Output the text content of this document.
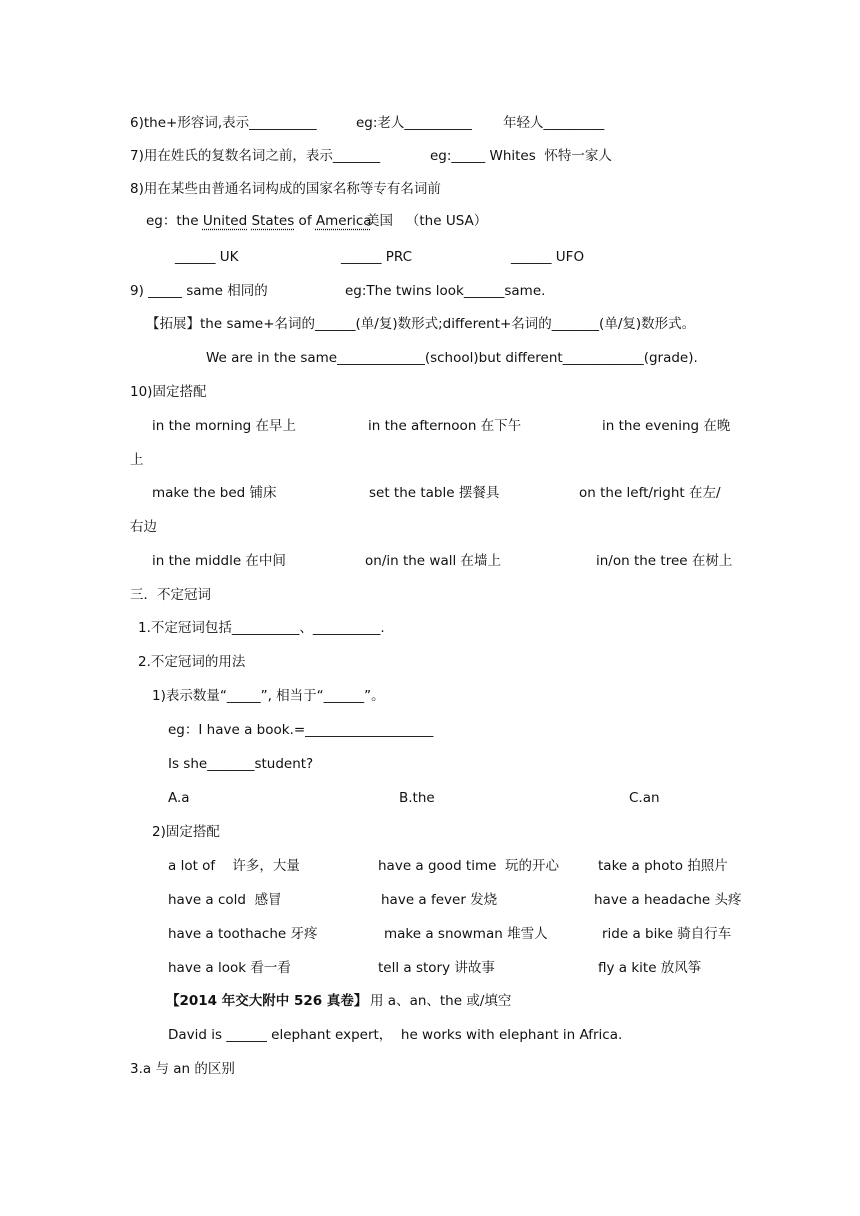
6)the+形容词,表示__________	eg:老人__________ 年轻人_________
7)用在姓氏的复数名词之前，表示_______	eg:_____ Whites  怀特一家人
8)用在某些由普通名词构成的国家名称等专有名词前
eg：the United States of America
美国   （the USA）
______ UK	______ PRC	______ UFO
9) _____ same 相同的	eg:The twins look______same.
【拓展】the same+名词的______(单/复)数形式;different+名词的_______(单/复)数形式。
We are in the same_____________(school)but different____________(grade).
10)固定搭配
in the morning 在早上	in the afternoon 在下午	in the evening 在晚
上
make the bed 铺床	set the table 摆餐具	on the left/right 在左/
右边
in the middle 在中间	on/in the wall 在墙上	in/on the tree 在树上
三．不定冠词
1.不定冠词包括__________、__________.
2.不定冠词的用法
1)表示数量“_____”, 相当于“______”。
eg：I have a book.=___________________
Is she_______student?
A.a	B.the	C.an
2)固定搭配
a lot of    许多，大量	have a good time  玩的开心	take a photo 拍照片
have a cold  感冒	have a fever 发烧	have a headache 头疼
have a toothache 牙疼	make a snowman 堆雪人	ride a bike 骑自行车
have a look 看一看	tell a story 讲故事	fly a kite 放风筝
【2014 年交大附中 526 真卷】 用 a、an、the 或/填空
David is ______ elephant expert，  he works with elephant in Africa.
3.a 与 an 的区别
